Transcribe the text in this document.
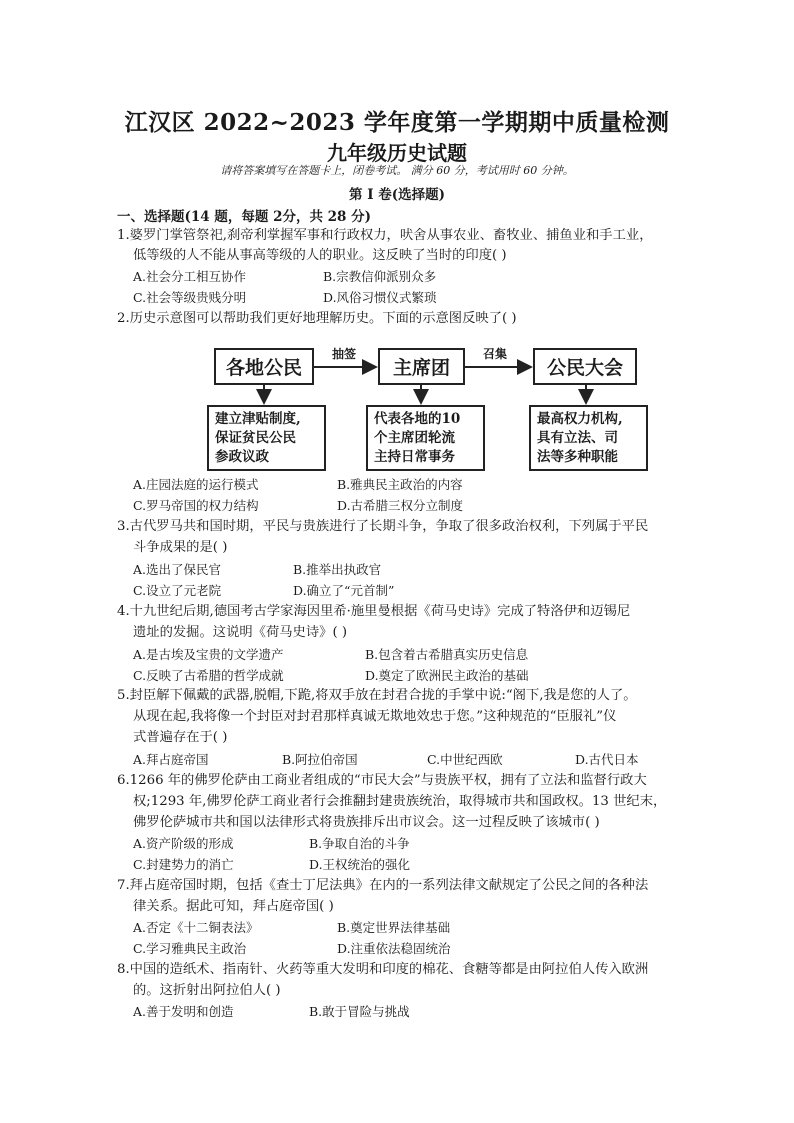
江汉区 2022~2023 学年度第一学期期中质量检测
九年级历史试题
请将答案填写在答题卡上，闭卷考试。 满分 60 分，考试用时 60 分钟。
第 Ⅰ 卷(选择题)
一、选择题(14 题，每题 2分，共 28 分)
1.婆罗门掌管祭祀,刹帝利掌握军事和行政权力，吠舍从事农业、畜牧业、捕鱼业和手工业，
低等级的人不能从事高等级的人的职业。这反映了当时的印度( )
A.社会分工相互协作	B.宗教信仰派别众多
C.社会等级贵贱分明	D.风俗习惯仪式繁琐
2.历史示意图可以帮助我们更好地理解历史。下面的示意图反映了( )
抽签	召集
各地公民	主席团	公民大会
建立津贴制度,
保证贫民公民
参政议政
代表各地的10
个主席团轮流
主持日常事务
最高权力机构,
具有立法、司
法等多种职能
A.庄园法庭的运行模式	B.雅典民主政治的内容
C.罗马帝国的权力结构	D.古希腊三权分立制度
3.古代罗马共和国时期，平民与贵族进行了长期斗争，争取了很多政治权利，下列属于平民
斗争成果的是( )
A.选出了保民官	B.推举出执政官
C.设立了元老院	D.确立了“元首制”
4.十九世纪后期,德国考古学家海因里希·施里曼根据《荷马史诗》完成了特洛伊和迈锡尼
遗址的发掘。这说明《荷马史诗》( )
A.是古埃及宝贵的文学遗产	B.包含着古希腊真实历史信息
C.反映了古希腊的哲学成就	D.奠定了欧洲民主政治的基础
5.封臣解下佩戴的武器,脱帽,下跪,将双手放在封君合拢的手掌中说:“阁下,我是您的人了。
从现在起,我将像一个封臣对封君那样真诚无欺地效忠于您。”这种规范的“臣服礼”仪
式普遍存在于( )
A.拜占庭帝国	B.阿拉伯帝国	C.中世纪西欧	D.古代日本
6.1266 年的佛罗伦萨由工商业者组成的“市民大会”与贵族平权，拥有了立法和监督行政大
权;1293 年,佛罗伦萨工商业者行会推翻封建贵族统治，取得城市共和国政权。13 世纪末，
佛罗伦萨城市共和国以法律形式将贵族排斥出市议会。这一过程反映了该城市( )
A.资产阶级的形成	B.争取自治的斗争
C.封建势力的消亡	D.王权统治的强化
7.拜占庭帝国时期，包括《查士丁尼法典》在内的一系列法律文献规定了公民之间的各种法
律关系。据此可知，拜占庭帝国( )
A.否定《十二铜表法》	B.奠定世界法律基础
C.学习雅典民主政治	D.注重依法稳固统治
8.中国的造纸术、指南针、火药等重大发明和印度的棉花、食糖等都是由阿拉伯人传入欧洲
的。这折射出阿拉伯人( )
A.善于发明和创造	B.敢于冒险与挑战
